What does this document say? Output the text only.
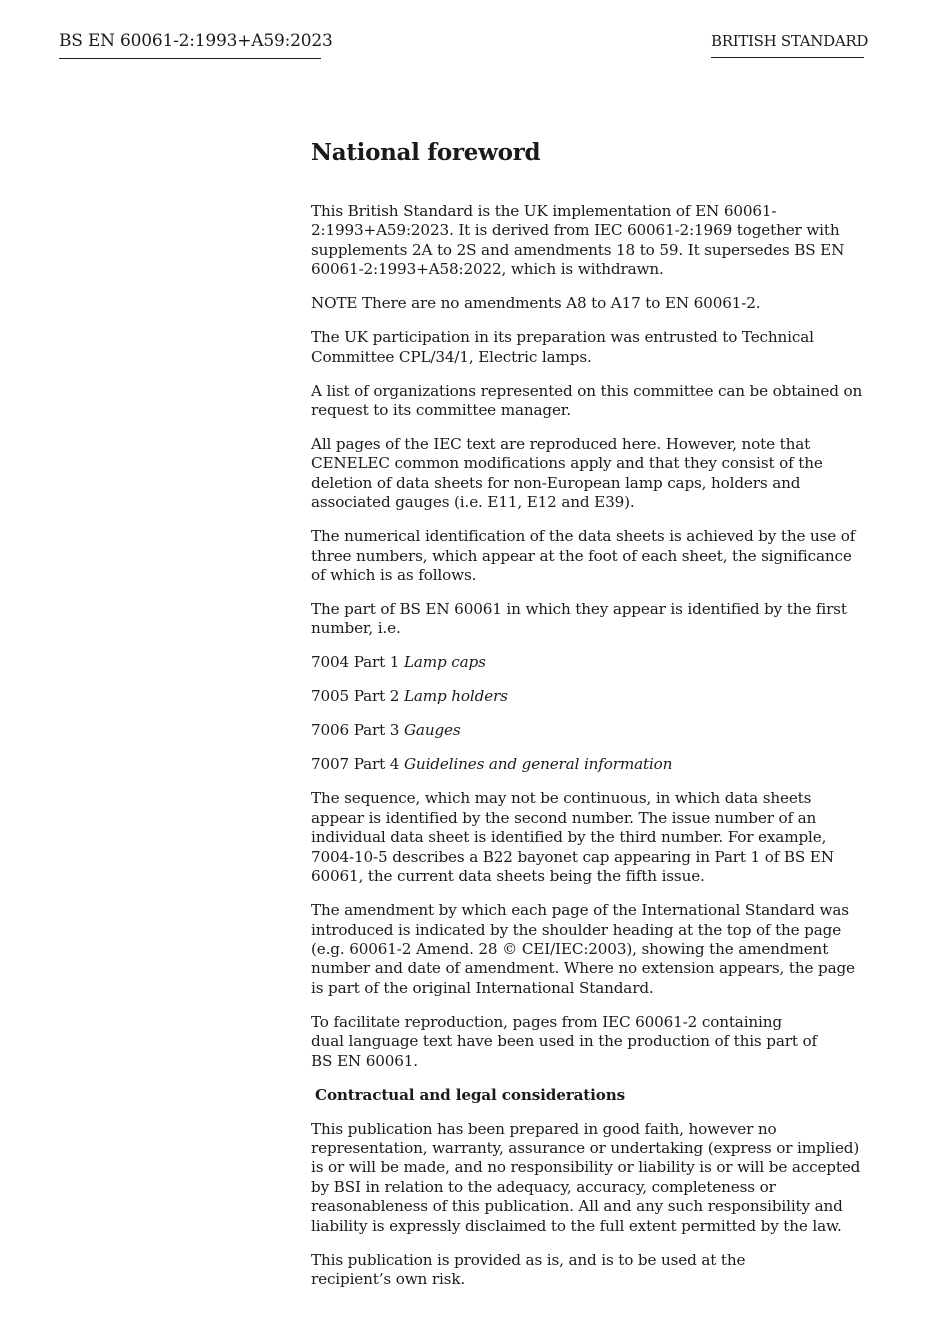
BS EN 60061-2:1993+A59:2023	BRITISH STANDARD
National foreword

This British Standard is the UK implementation of EN 60061-2:1993+A59:2023. It is derived from IEC 60061-2:1969 together with supplements 2A to 2S and amendments 18 to 59. It supersedes BS EN 60061-2:1993+A58:2022, which is withdrawn.

NOTE There are no amendments A8 to A17 to EN 60061-2.

The UK participation in its preparation was entrusted to Technical Committee CPL/34/1, Electric lamps.

A list of organizations represented on this committee can be obtained on request to its committee manager.

All pages of the IEC text are reproduced here. However, note that CENELEC common modifications apply and that they consist of the deletion of data sheets for non-European lamp caps, holders and associated gauges (i.e. E11, E12 and E39).

The numerical identification of the data sheets is achieved by the use of three numbers, which appear at the foot of each sheet, the significance of which is as follows.

The part of BS EN 60061 in which they appear is identified by the first number, i.e.

7004 Part 1 Lamp caps

7005 Part 2 Lamp holders

7006 Part 3 Gauges

7007 Part 4 Guidelines and general information

The sequence, which may not be continuous, in which data sheets appear is identified by the second number. The issue number of an individual data sheet is identified by the third number. For example, 7004-10-5 describes a B22 bayonet cap appearing in Part 1 of BS EN 60061, the current data sheets being the fifth issue.

The amendment by which each page of the International Standard was introduced is indicated by the shoulder heading at the top of the page (e.g. 60061-2 Amend. 28 © CEI/IEC:2003), showing the amendment number and date of amendment. Where no extension appears, the page is part of the original International Standard.

To facilitate reproduction, pages from IEC 60061-2 containing
dual language text have been used in the production of this part of
BS EN 60061.

Contractual and legal considerations

This publication has been prepared in good faith, however no representation, warranty, assurance or undertaking (express or implied) is or will be made, and no responsibility or liability is or will be accepted by BSI in relation to the adequacy, accuracy, completeness or reasonableness of this publication. All and any such responsibility and liability is expressly disclaimed to the full extent permitted by the law.

This publication is provided as is, and is to be used at the
recipient’s own risk.
